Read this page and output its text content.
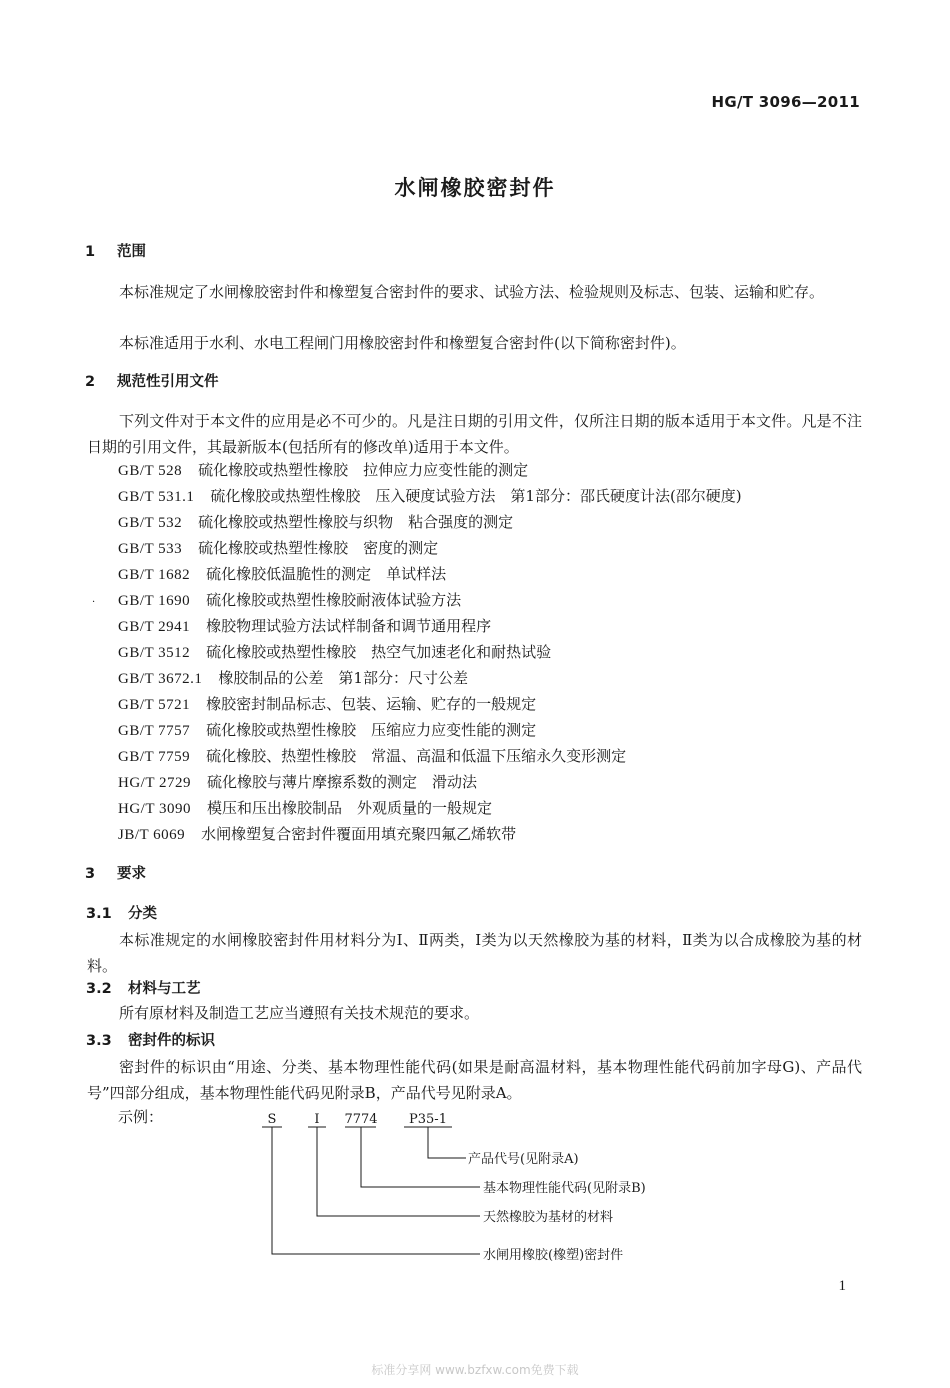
HG/T 3096—2011
水闸橡胶密封件
1 范围
本标准规定了水闸橡胶密封件和橡塑复合密封件的要求、试验方法、检验规则及标志、包装、运输和贮存。
本标准适用于水利、水电工程闸门用橡胶密封件和橡塑复合密封件(以下简称密封件)。
2 规范性引用文件
下列文件对于本文件的应用是必不可少的。凡是注日期的引用文件，仅所注日期的版本适用于本文件。凡是不注日期的引用文件，其最新版本(包括所有的修改单)适用于本文件。
GB/T 528 硫化橡胶或热塑性橡胶　拉伸应力应变性能的测定
GB/T 531.1 硫化橡胶或热塑性橡胶　压入硬度试验方法　第1部分：邵氏硬度计法(邵尔硬度)
GB/T 532 硫化橡胶或热塑性橡胶与织物　粘合强度的测定
GB/T 533 硫化橡胶或热塑性橡胶　密度的测定
GB/T 1682 硫化橡胶低温脆性的测定　单试样法
GB/T 1690 硫化橡胶或热塑性橡胶耐液体试验方法
GB/T 2941 橡胶物理试验方法试样制备和调节通用程序
GB/T 3512 硫化橡胶或热塑性橡胶　热空气加速老化和耐热试验
GB/T 3672.1 橡胶制品的公差　第1部分：尺寸公差
GB/T 5721 橡胶密封制品标志、包装、运输、贮存的一般规定
GB/T 7757 硫化橡胶或热塑性橡胶　压缩应力应变性能的测定
GB/T 7759 硫化橡胶、热塑性橡胶　常温、高温和低温下压缩永久变形测定
HG/T 2729 硫化橡胶与薄片摩擦系数的测定　滑动法
HG/T 3090 模压和压出橡胶制品　外观质量的一般规定
JB/T 6069 水闸橡塑复合密封件覆面用填充聚四氟乙烯软带
·
3 要求
3.1 分类
本标准规定的水闸橡胶密封件用材料分为Ⅰ、Ⅱ两类，Ⅰ类为以天然橡胶为基的材料，Ⅱ类为以合成橡胶为基的材料。
3.2 材料与工艺
所有原材料及制造工艺应当遵照有关技术规范的要求。
3.3 密封件的标识
密封件的标识由“用途、分类、基本物理性能代码(如果是耐高温材料，基本物理性能代码前加字母G)、产品代号”四部分组成，基本物理性能代码见附录B，产品代号见附录A。
示例：	S	I 7774 P35-1
产品代号(见附录A)
基本物理性能代码(见附录B)
天然橡胶为基材的材料
水闸用橡胶(橡塑)密封件
1
标准分享网 www.bzfxw.com免费下载
